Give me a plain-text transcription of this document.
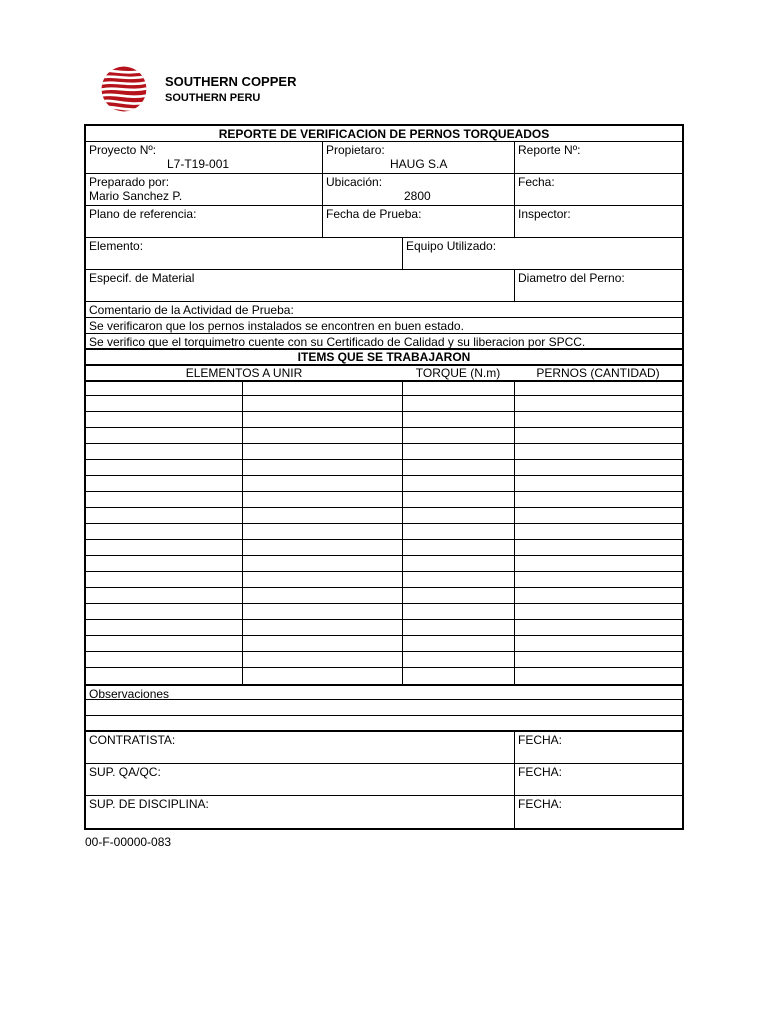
SOUTHERN COPPER
SOUTHERN PERU
REPORTE DE VERIFICACION DE PERNOS TORQUEADOS
Proyecto Nº:
L7-T19-001
Propietaro:
HAUG S.A
Reporte Nº:
Preparado por:
Mario Sanchez P.
Ubicación:
2800
Fecha:
Plano de referencia:	Fecha de Prueba:	Inspector:
Elemento:	Equipo Utilizado:
Especif. de Material	Diametro del Perno:
Comentario de la Actividad de Prueba:
Se verificaron que los pernos instalados se encontren en buen estado.
Se verifico que el torquimetro cuente con su Certificado de Calidad y su liberacion por SPCC.
ITEMS QUE SE TRABAJARON
ELEMENTOS A UNIR	TORQUE (N.m)	PERNOS (CANTIDAD)
Observaciones
CONTRATISTA:	FECHA:
SUP. QA/QC:	FECHA:
SUP. DE DISCIPLINA:	FECHA:
00-F-00000-083
